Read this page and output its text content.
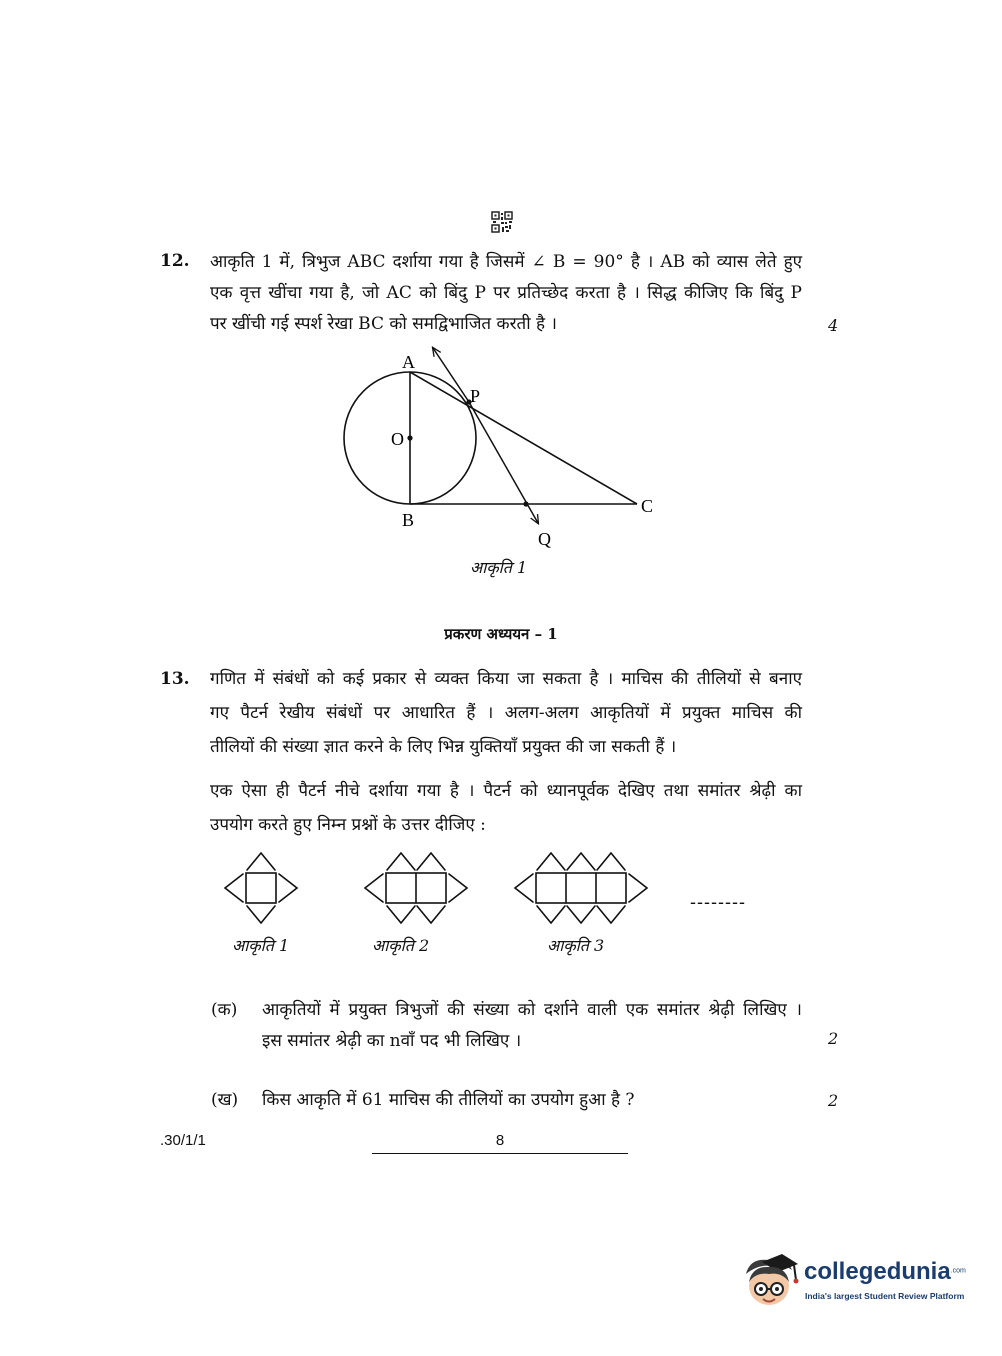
12. आकृति 1 में, त्रिभुज ABC दर्शाया गया है जिसमें ∠ B = 90° है । AB को व्यास लेते हुए
एक वृत्त खींचा गया है, जो AC को बिंदु P पर प्रतिच्छेद करता है । सिद्ध कीजिए कि बिंदु P
पर खींची गई स्पर्श रेखा BC को समद्विभाजित करती है ।	4
A
P
O
B
C
Q
आकृति 1
प्रकरण अध्ययन – 1
13. गणित में संबंधों को कई प्रकार से व्यक्त किया जा सकता है । माचिस की तीलियों से बनाए
गए पैटर्न रेखीय संबंधों पर आधारित हैं । अलग-अलग आकृतियों में प्रयुक्त माचिस की
तीलियों की संख्या ज्ञात करने के लिए भिन्न युक्तियाँ प्रयुक्त की जा सकती हैं ।
एक ऐसा ही पैटर्न नीचे दर्शाया गया है । पैटर्न को ध्यानपूर्वक देखिए तथा समांतर श्रेढ़ी का
उपयोग करते हुए निम्न प्रश्नों के उत्तर दीजिए :
--------
आकृति 1	आकृति 2	आकृति 3
(क) आकृतियों में प्रयुक्त त्रिभुजों की संख्या को दर्शाने वाली एक समांतर श्रेढ़ी लिखिए ।
इस समांतर श्रेढ़ी का nवाँ पद भी लिखिए ।	2
(ख) किस आकृति में 61 माचिस की तीलियों का उपयोग हुआ है ?	2
.30/1/1	8
collegedunia$^{.com}$
India's largest Student Review Platform
